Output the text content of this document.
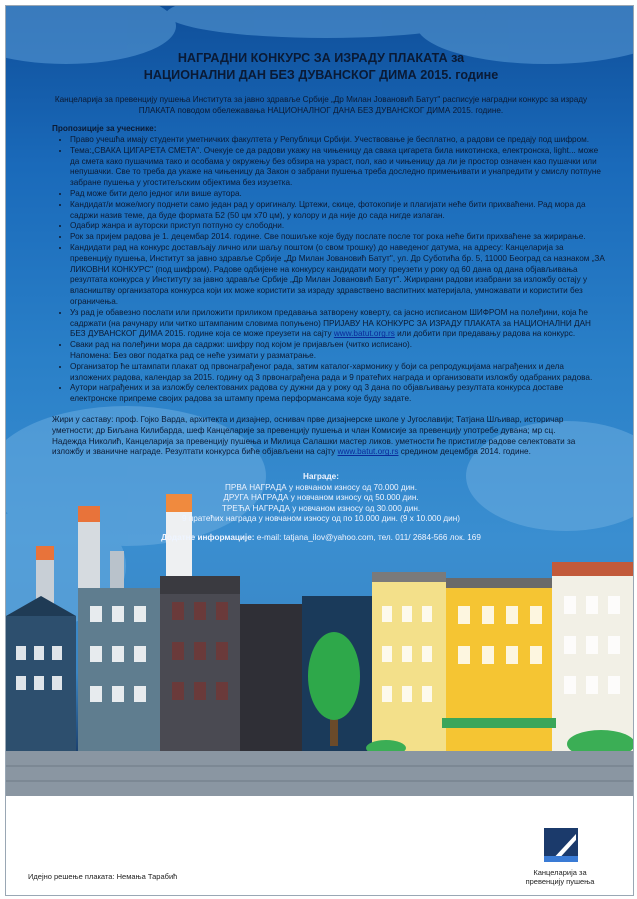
НАГРАДНИ КОНКУРС ЗА ИЗРАДУ ПЛАКАТА за

НАЦИОНАЛНИ ДАН БЕЗ ДУВАНСКОГ ДИМА 2015. године

Канцеларија за превенцију пушења Института за јавно здравље Србије „Др Милан Јовановић Батут" расписује наградни конкурс за израду ПЛАКАТА поводом обележавања НАЦИОНАЛНОГ ДАНА БЕЗ ДУВАНСКОГ ДИМА 2015. године.

Пропозиције за учеснике:
• Право учешћа имају студенти уметничких факултета у Републици Србији. Учествовање је бесплатно, а радови се предају под шифром.
• Тема:„СВАКА ЦИГАРЕТА СМЕТА". Очекује се да радови укажу на чињеницу да свака цигарета била никотинска, електронска, light... може да смета како пушачима тако и особама у окружењу без обзира на узраст, пол, као и чињеницу да ли је простор означен као пушачки или непушачки. Све то треба да укаже на чињеницу да Закон о забрани пушења треба доследно примењивати и унапредити у смислу потпуне забране пушења у угоститељским објектима без изузетка.
• Рад може бити дело једног или више аутора.
• Кандидат/и може/могу поднети само један рад у оригиналу. Цртежи, скице, фотокопије и плагијати неће бити прихваћени. Рад мора да садржи назив теме, да буде формата Б2 (50 цм x70 цм), у колору и да није до сада нигде излаган.
• Одабир жанра и ауторски приступ потпуно су слободни.
• Рок за пријем радова је 1. децембар 2014. године. Све пошиљке које буду послате после тог рока неће бити прихваћене за жирирање.
• Кандидати рад на конкурс достављају лично или шаљу поштом (о свом трошку) до наведеног датума, на адресу: Канцеларија за превенцију пушења, Институт за јавно здравље Србије „Др Милан Јовановић Батут", ул. Др Суботића бр. 5, 11000 Београд са назнаком „ЗА ЛИКОВНИ КОНКУРС" (под шифром). Радове одбијене на конкурсу кандидати могу преузети у року од 60 дана од дана објављивања резултата конкурса у Институту за јавно здравље Србије „Др Милан Јовановић Батут". Жирирани радови изабрани за изложбу остају у власништву организатора конкурса који их може користити за израду здравствено васпитних материјала, умножавати и користити без ограничења.
• Уз рад је обавезно послати или приложити приликом предавања затворену коверту, са јасно исписаном ШИФРОМ на полеђини, која ће садржати (на рачунару или читко штампаним словима попуњено) ПРИЈАВУ НА КОНКУРС ЗА ИЗРАДУ ПЛАКАТА за НАЦИОНАЛНИ ДАН БЕЗ ДУВАНСКОГ ДИМА 2015. године која се може преузети на сајту www.batut.org.rs или добити при предавању радова на конкурс.
• Сваки рад на полеђини мора да садржи: шифру под којом је пријављен (читко исписано).
Напомена: Без овог податка рад се неће узимати у разматрање.
• Организатор ће штампати плакат од првонаграђеног рада, затим каталог-хармонику у боји са репродукцијама награђених и дела изложених радова, календар за 2015. годину од 3 првонаграђена рада и 9 пратећих награда и организовати изложбу одабраних радова.
• Аутори награђених и за изложбу селектованих радова су дужни да у року од 3 дана по објављивању резултата конкурса доставе електронске припреме својих радова за штампу према перформансама које буду задате.
Жири у саставу: проф. Гојко Варда, архитекта и дизајнер, оснивач прве дизајнерске школе у Југославији; Татјана Шљивар, историчар уметности; др Биљана Килибарда, шеф Канцеларије за превенцију пушења и члан Комисије за превенцију употребе дувана; мр сц. Надежда Николић, Канцеларија за превенцију пушења и Милица Салашки мастер ликов. уметности ће пристигле радове селектовати за изложбу и званичне награде. Резултати конкурса биће објављени на сајту www.batut.org.rs средином децембра 2014. године.
Награде:
ПРВА НАГРАДА у новчаном износу од 70.000 дин.
ДРУГА НАГРАДА у новчаном износу од 50.000 дин.
ТРЕЋА НАГРАДА у новчаном износу од 30.000 дин.
9 пратећих награда у новчаном износу од по 10.000 дин. (9 x 10.000 дин)
Додатне информације: e-mail: tatjana_ilov@yahoo.com, тел. 011/ 2684-566 лок. 169
Идејно решење плаката: Немања Тарабић	Канцеларија за
превенцију пушења
